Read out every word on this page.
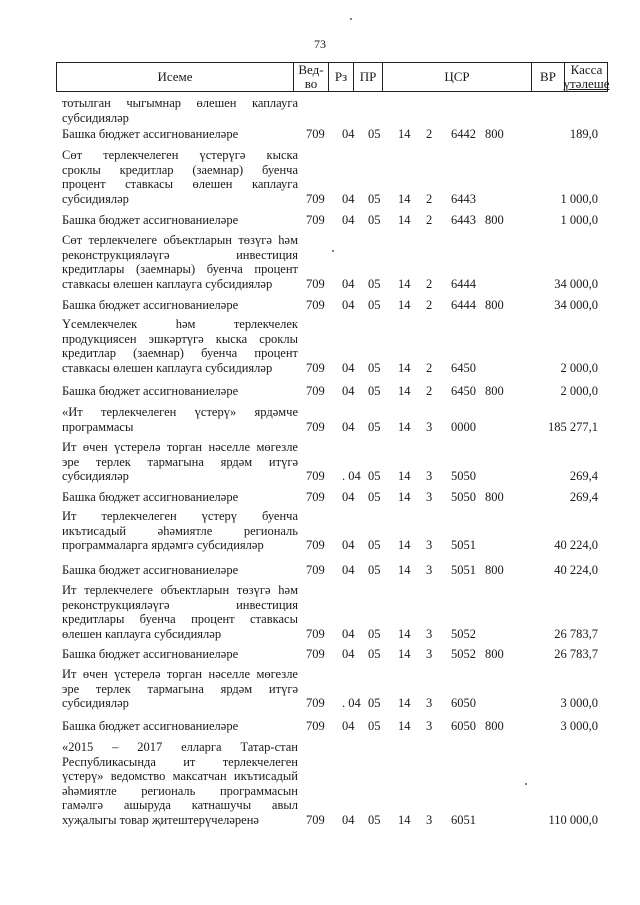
73
Исеме	Вед-
во	Рз ПР	ЦСР	ВР	Касса
үтәлеше
тотылган чыгымнар өлешен каплауга
субсидияләр
Башка бюджет ассигнованиеләре	709 04 05 14 2 6442 800	189,0
Сөт терлекчелеген үстерүгә кыска
сроклы кредитлар (заемнар) буенча
процент ставкасы өлешен каплауга
субсидияләр	709 04 05 14 2 6443	1 000,0
Башка бюджет ассигнованиеләре	709 04 05 14 2 6443 800	1 000,0
Сөт терлекчелеге объектларын төзүгә һәм
реконструкцияләүгә инвестиция
кредитлары (заемнары) буенча процент
ставкасы өлешен каплауга субсидияләр	709 04 05 14 2 6444	34 000,0
Башка бюджет ассигнованиеләре	709 04 05 14 2 6444 800	34 000,0
Үсемлекчелек һәм терлекчелек
продукциясен эшкәртүгә кыска сроклы
кредитлар (заемнар) буенча процент
ставкасы өлешен каплауга субсидияләр	709 04 05 14 2 6450	2 000,0
Башка бюджет ассигнованиеләре	709 04 05 14 2 6450 800	2 000,0
«Ит терлекчелеген үстерү» ярдәмче
программасы	709 04 05 14 3 0000	185 277,1
Ит өчен үстерелә торган нәселле мөгезле
эре терлек тармагына ярдәм итүгә
субсидияләр	709 . 04 05 14 3 5050	269,4
Башка бюджет ассигнованиеләре	709 04 05 14 3 5050 800	269,4
Ит терлекчелеген үстерү буенча
икътисадый әһәмиятле региональ
программаларга ярдәмгә субсидияләр	709 04 05 14 3 5051	40 224,0
Башка бюджет ассигнованиеләре	709 04 05 14 3 5051 800	40 224,0
Ит терлекчелеге объектларын төзүгә һәм
реконструкцияләүгә инвестиция
кредитлары буенча процент ставкасы
өлешен каплауга субсидияләр	709 04 05 14 3 5052	26 783,7
Башка бюджет ассигнованиеләре	709 04 05 14 3 5052 800	26 783,7
Ит өчен үстерелә торган нәселле мөгезле
эре терлек тармагына ярдәм итүгә
субсидияләр	709 . 04 05 14 3 6050	3 000,0
Башка бюджет ассигнованиеләре	709 04 05 14 3 6050 800	3 000,0
«2015 – 2017 елларга Татар-стан
Республикасында ит терлекчелеген
үстерү» ведомство максатчан икътисадый
әһәмиятле региональ программасын
гамәлгә ашыруда катнашучы авыл
хуҗалыгы товар җитештерүчеләренә	709 04 05 14 3 6051	110 000,0
